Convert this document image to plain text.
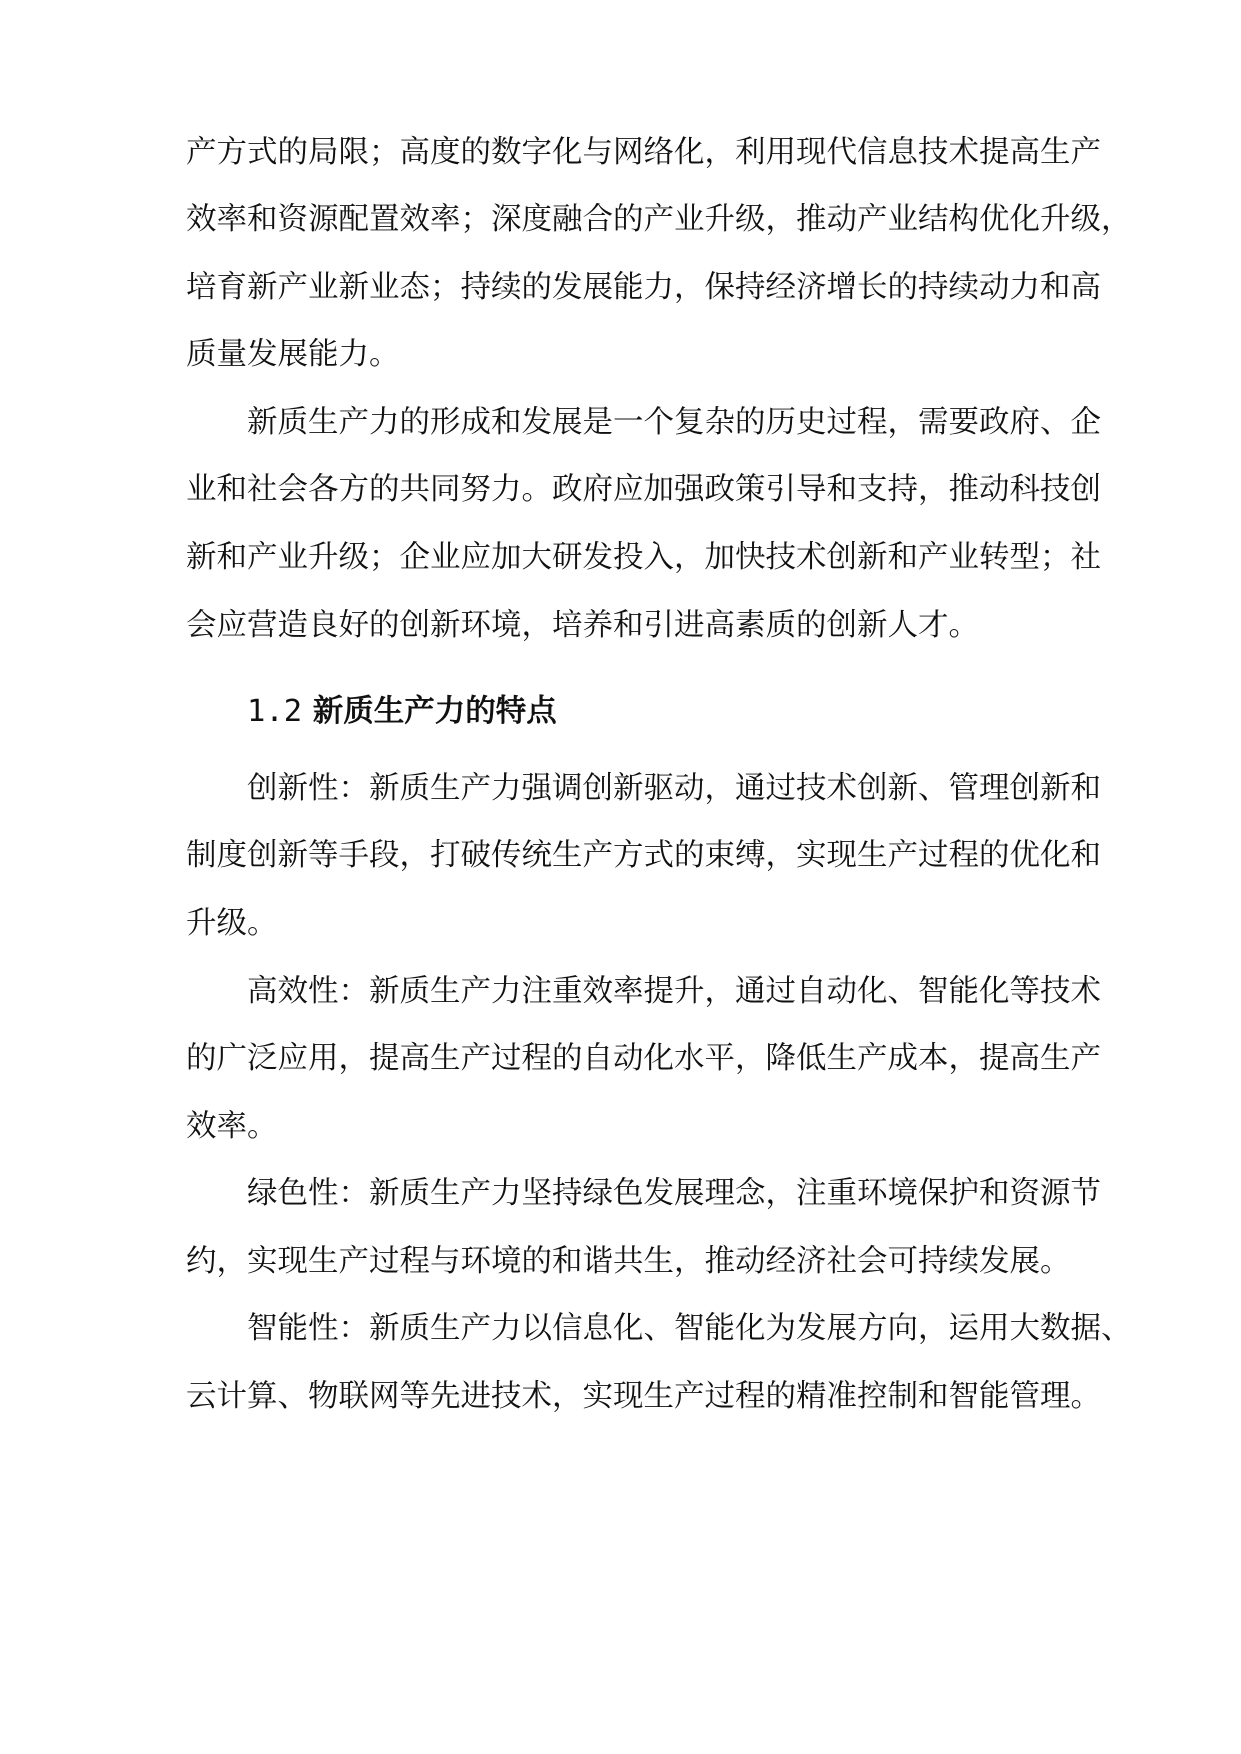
产方式的局限；高度的数字化与网络化，利用现代信息技术提高生产

效率和资源配置效率；深度融合的产业升级，推动产业结构优化升级，

培育新产业新业态；持续的发展能力，保持经济增长的持续动力和高

质量发展能力。

新质生产力的形成和发展是一个复杂的历史过程，需要政府、企

业和社会各方的共同努力。政府应加强政策引导和支持，推动科技创

新和产业升级；企业应加大研发投入，加快技术创新和产业转型；社

会应营造良好的创新环境，培养和引进高素质的创新人才。

1.2 新质生产力的特点

创新性：新质生产力强调创新驱动，通过技术创新、管理创新和

制度创新等手段，打破传统生产方式的束缚，实现生产过程的优化和

升级。

高效性：新质生产力注重效率提升，通过自动化、智能化等技术

的广泛应用，提高生产过程的自动化水平，降低生产成本，提高生产

效率。

绿色性：新质生产力坚持绿色发展理念，注重环境保护和资源节

约，实现生产过程与环境的和谐共生，推动经济社会可持续发展。

智能性：新质生产力以信息化、智能化为发展方向，运用大数据、

云计算、物联网等先进技术，实现生产过程的精准控制和智能管理。
